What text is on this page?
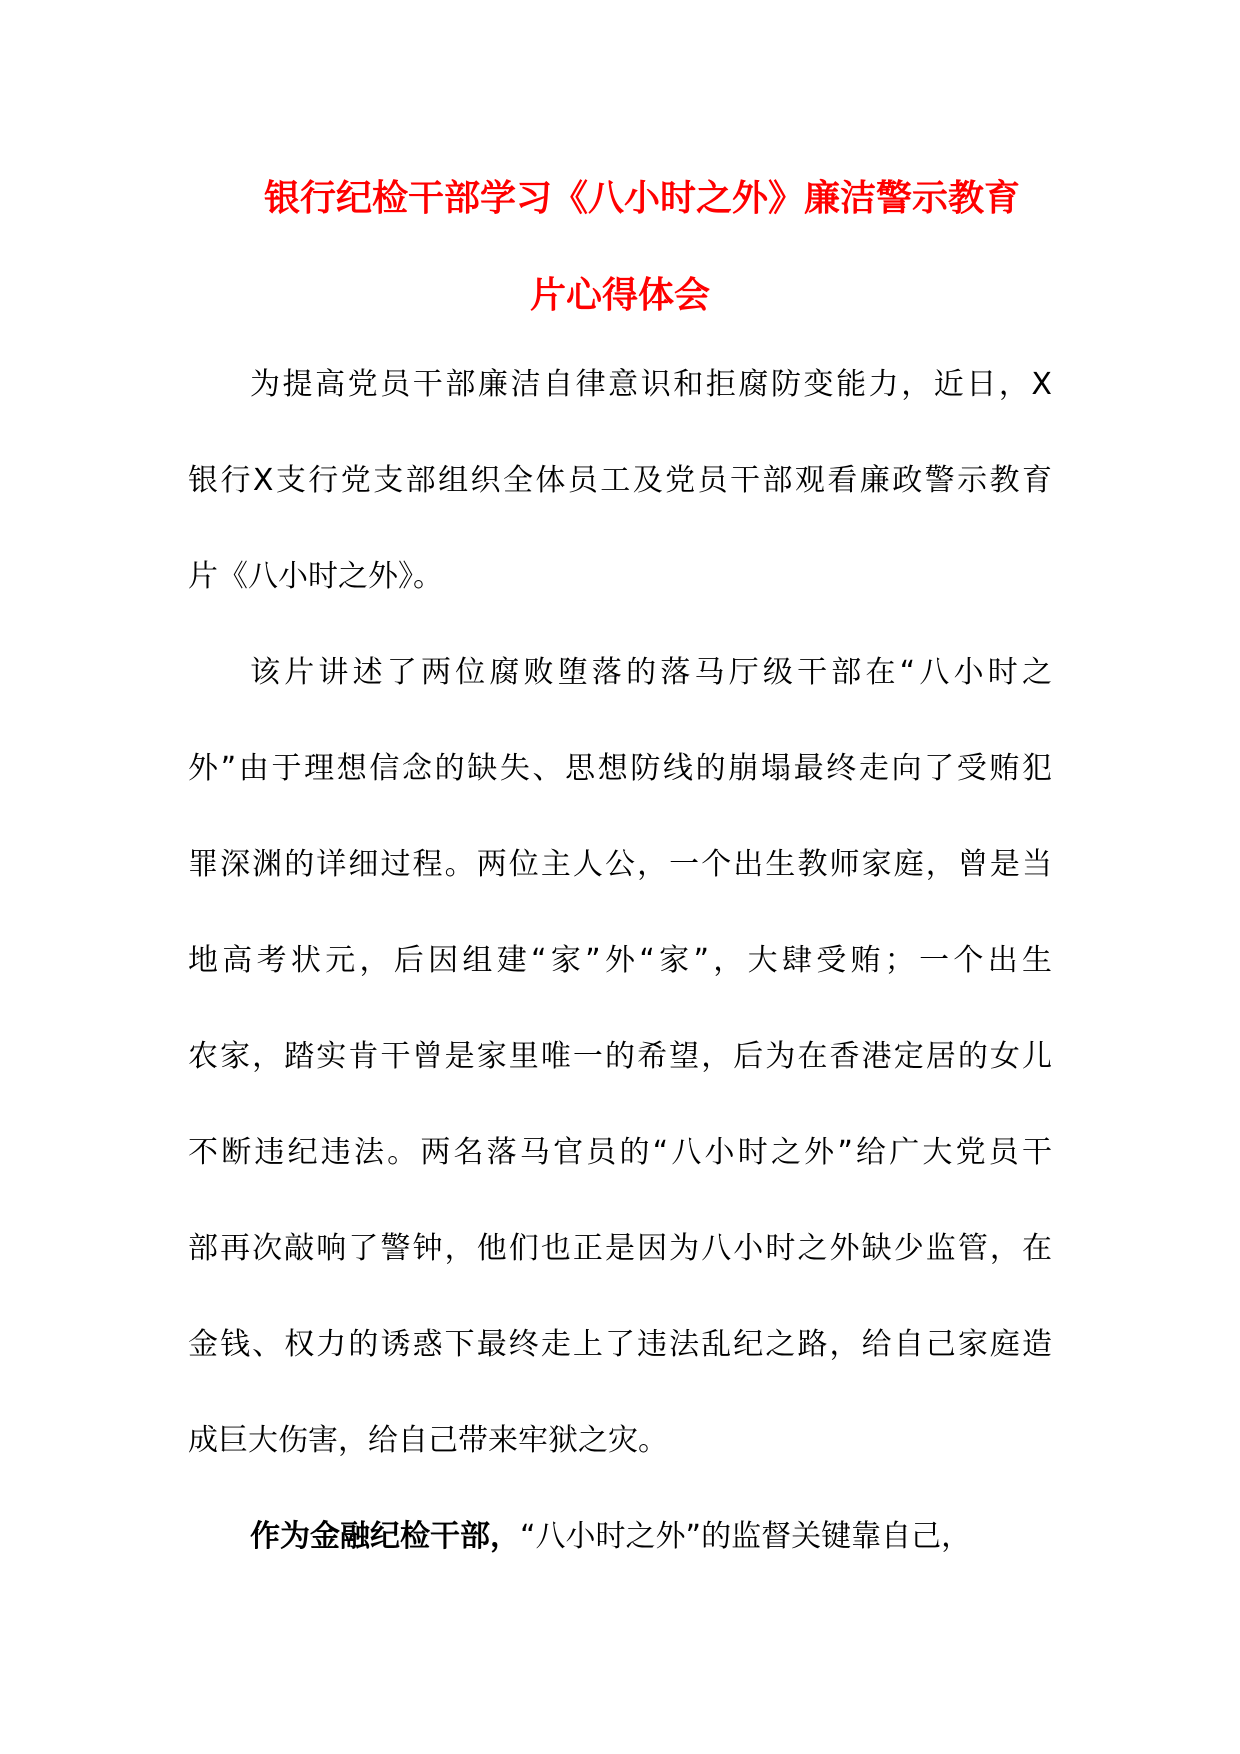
银行纪检干部学习《八小时之外》廉洁警示教育
片心得体会
为提高党员干部廉洁自律意识和拒腐防变能力，近日，X
银行X支行党支部组织全体员工及党员干部观看廉政警示教育
片《八小时之外》。
该片讲述了两位腐败堕落的落马厅级干部在“八小时之
外”由于理想信念的缺失、思想防线的崩塌最终走向了受贿犯
罪深渊的详细过程。两位主人公，一个出生教师家庭，曾是当
地高考状元，后因组建“家”外“家”，大肆受贿；一个出生
农家，踏实肯干曾是家里唯一的希望，后为在香港定居的女儿
不断违纪违法。两名落马官员的“八小时之外”给广大党员干
部再次敲响了警钟，他们也正是因为八小时之外缺少监管，在
金钱、权力的诱惑下最终走上了违法乱纪之路，给自己家庭造
成巨大伤害，给自己带来牢狱之灾。
作为金融纪检干部，“八小时之外”的监督关键靠自己，
